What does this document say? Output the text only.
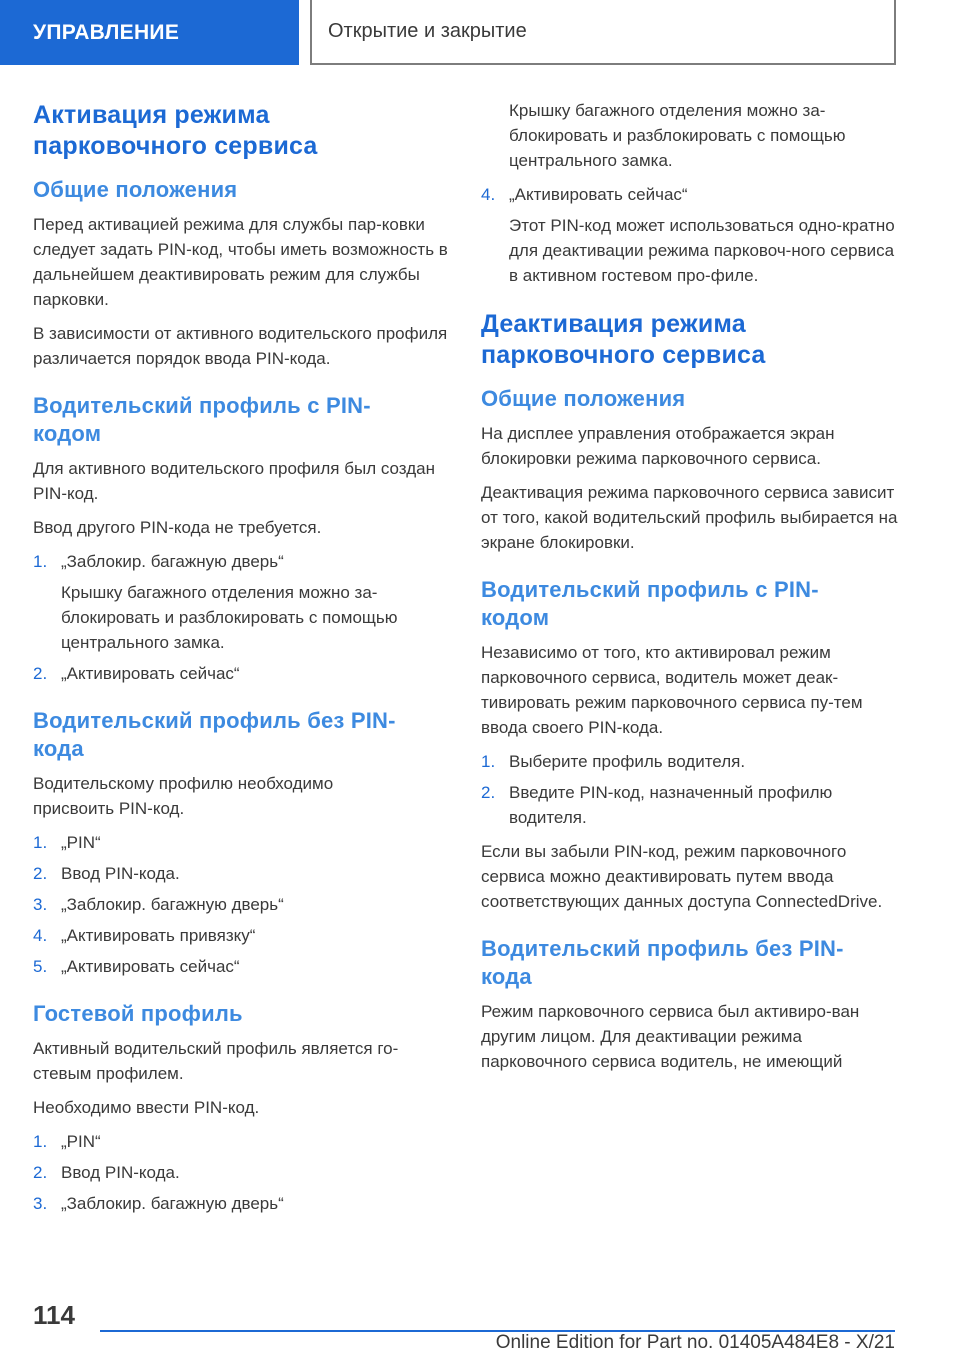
УПРАВЛЕНИЕ	Открытие и закрытие
Активация режима парковочного сервиса
Общие положения

Перед активацией режима для службы пар-ковки следует задать PIN-код, чтобы иметь возможность в дальнейшем деактивировать режим для службы парковки.

В зависимости от активного водительского профиля различается порядок ввода PIN-кода.

Водительский профиль с PIN-кодом

Для активного водительского профиля был создан PIN-код.

Ввод другого PIN-кода не требуется.

1. „Заблокир. багажную дверь“
Крышку багажного отделения можно за-блокировать и разблокировать с помощью центрального замка.
2. „Активировать сейчас“
Водительский профиль без PIN-кода

Водительскому профилю необходимо присвоить PIN-код.

1. „PIN“
2. Ввод PIN-кода.
3. „Заблокир. багажную дверь“
4. „Активировать привязку“
5. „Активировать сейчас“
Гостевой профиль

Активный водительский профиль является го-стевым профилем.

Необходимо ввести PIN-код.

1. „PIN“
2. Ввод PIN-кода.
3. „Заблокир. багажную дверь“

Крышку багажного отделения можно за-блокировать и разблокировать с помощью центрального замка.

4. „Активировать сейчас“
Этот PIN-код может использоваться одно-кратно для деактивации режима парковоч-ного сервиса в активном гостевом про-филе.
Деактивация режима парковочного сервиса
Общие положения

На дисплее управления отображается экран блокировки режима парковочного сервиса.

Деактивация режима парковочного сервиса зависит от того, какой водительский профиль выбирается на экране блокировки.

Водительский профиль с PIN-кодом

Независимо от того, кто активировал режим парковочного сервиса, водитель может деак-тивировать режим парковочного сервиса пу-тем ввода своего PIN-кода.

1. Выберите профиль водителя.
2. Введите PIN-код, назначенный профилю водителя.

Если вы забыли PIN-код, режим парковочного сервиса можно деактивировать путем ввода соответствующих данных доступа ConnectedDrive.

Водительский профиль без PIN-кода

Режим парковочного сервиса был активиро-ван другим лицом. Для деактивации режима парковочного сервиса водитель, не имеющий

114
Online Edition for Part no. 01405A484E8 - X/21
